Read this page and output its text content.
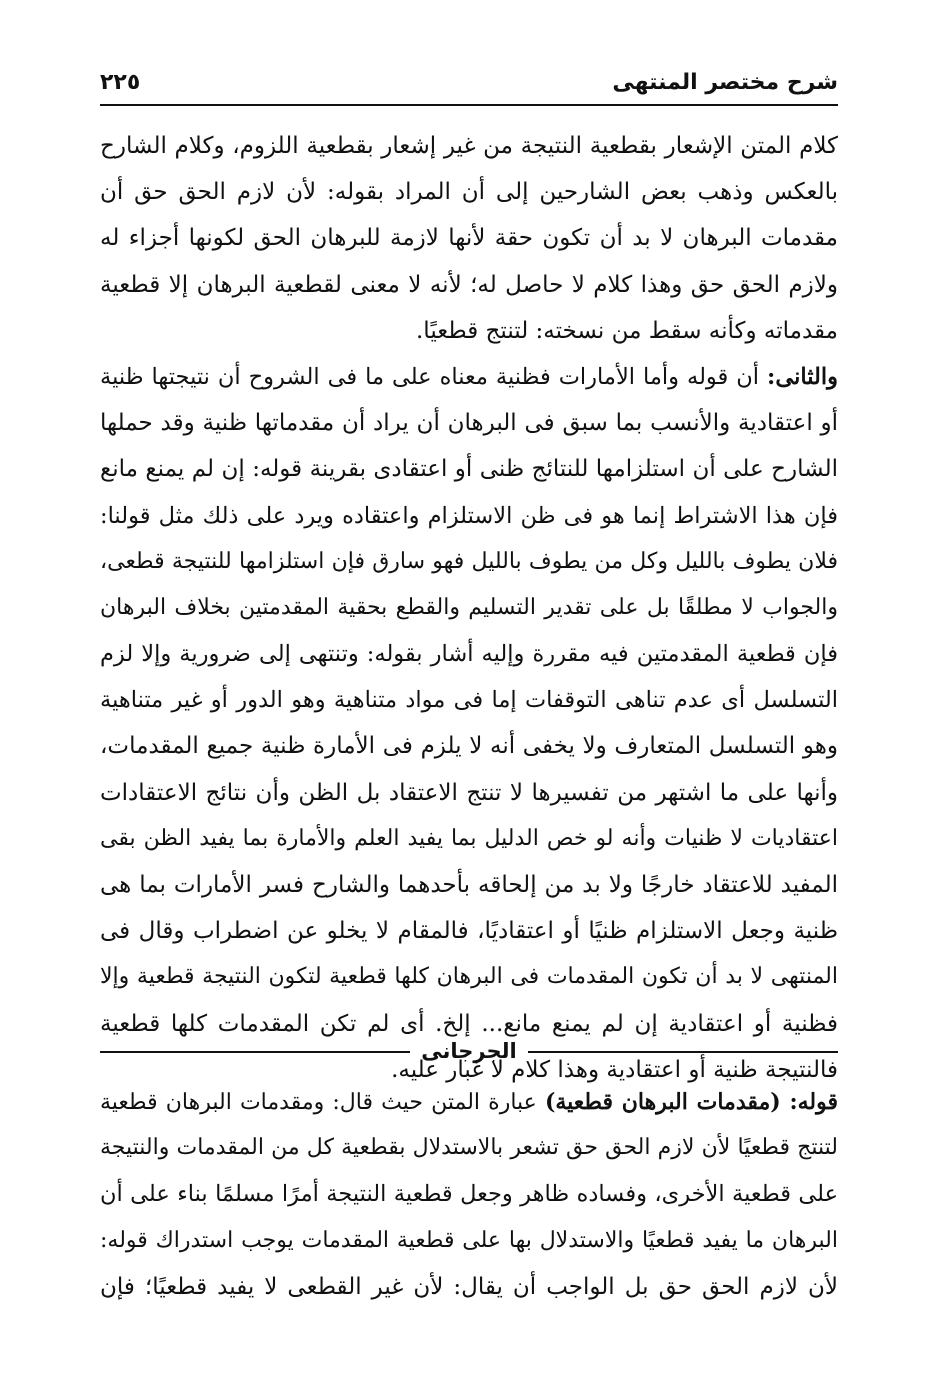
شرح مختصر المنتهى
٢٢٥
كلام المتن الإشعار بقطعية النتيجة من غير إشعار بقطعية اللزوم، وكلام الشارح
بالعكس وذهب بعض الشارحين إلى أن المراد بقوله: لأن لازم الحق حق أن
مقدمات البرهان لا بد أن تكون حقة لأنها لازمة للبرهان الحق لكونها أجزاء له
ولازم الحق حق وهذا كلام لا حاصل له؛ لأنه لا معنى لقطعية البرهان إلا قطعية
مقدماته وكأنه سقط من نسخته: لتنتج قطعيًا.
والثانى: أن قوله وأما الأمارات فظنية معناه على ما فى الشروح أن نتيجتها ظنية
أو اعتقادية والأنسب بما سبق فى البرهان أن يراد أن مقدماتها ظنية وقد حملها
الشارح على أن استلزامها للنتائج ظنى أو اعتقادى بقرينة قوله: إن لم يمنع مانع
فإن هذا الاشتراط إنما هو فى ظن الاستلزام واعتقاده ويرد على ذلك مثل قولنا:
فلان يطوف بالليل وكل من يطوف بالليل فهو سارق فإن استلزامها للنتيجة قطعى،
والجواب لا مطلقًا بل على تقدير التسليم والقطع بحقية المقدمتين بخلاف البرهان
فإن قطعية المقدمتين فيه مقررة وإليه أشار بقوله: وتنتهى إلى ضرورية وإلا لزم
التسلسل أى عدم تناهى التوقفات إما فى مواد متناهية وهو الدور أو غير متناهية
وهو التسلسل المتعارف ولا يخفى أنه لا يلزم فى الأمارة ظنية جميع المقدمات،
وأنها على ما اشتهر من تفسيرها لا تنتج الاعتقاد بل الظن وأن نتائج الاعتقادات
اعتقاديات لا ظنيات وأنه لو خص الدليل بما يفيد العلم والأمارة بما يفيد الظن بقى
المفيد للاعتقاد خارجًا ولا بد من إلحاقه بأحدهما والشارح فسر الأمارات بما هى
ظنية وجعل الاستلزام ظنيًا أو اعتقاديًا، فالمقام لا يخلو عن اضطراب وقال فى
المنتهى لا بد أن تكون المقدمات فى البرهان كلها قطعية لتكون النتيجة قطعية وإلا
فظنية أو اعتقادية إن لم يمنع مانع... إلخ. أى لم تكن المقدمات كلها قطعية
فالنتيجة ظنية أو اعتقادية وهذا كلام لا غبار عليه.
الجرجانى
قوله: (مقدمات البرهان قطعية) عبارة المتن حيث قال: ومقدمات البرهان قطعية
لتنتج قطعيًا لأن لازم الحق حق تشعر بالاستدلال بقطعية كل من المقدمات والنتيجة
على قطعية الأخرى، وفساده ظاهر وجعل قطعية النتيجة أمرًا مسلمًا بناء على أن
البرهان ما يفيد قطعيًا والاستدلال بها على قطعية المقدمات يوجب استدراك قوله:
لأن لازم الحق حق بل الواجب أن يقال: لأن غير القطعى لا يفيد قطعيًا؛ فإن
